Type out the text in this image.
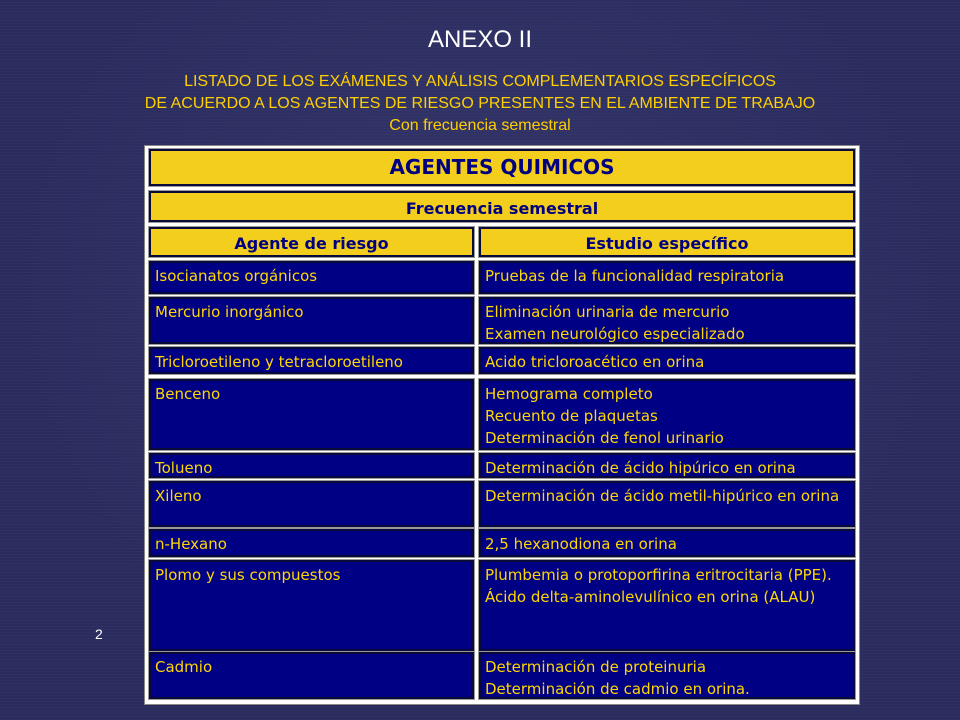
ANEXO II
LISTADO DE LOS EXÁMENES Y ANÁLISIS COMPLEMENTARIOS ESPECÍFICOS
DE ACUERDO A LOS AGENTES DE RIESGO PRESENTES EN EL AMBIENTE DE TRABAJO
Con frecuencia semestral
2
AGENTES QUIMICOS
Frecuencia semestral
Agente de riesgo	Estudio específico
Isocianatos orgánicos	Pruebas de la funcionalidad respiratoria
Mercurio inorgánico	Eliminación urinaria de mercurio
Examen neurológico especializado
Tricloroetileno y tetracloroetileno	Acido tricloroacético en orina
Benceno	Hemograma completo
Recuento de plaquetas
Determinación de fenol urinario
Tolueno	Determinación de ácido hipúrico en orina
Xileno	Determinación de ácido metil-hipúrico en orina
n-Hexano	2,5 hexanodiona en orina
Plomo y sus compuestos	Plumbemia o protoporfirina eritrocitaria (PPE).
Ácido delta-aminolevulínico en orina (ALAU)
Cadmio	Determinación de proteinuria
Determinación de cadmio en orina.
